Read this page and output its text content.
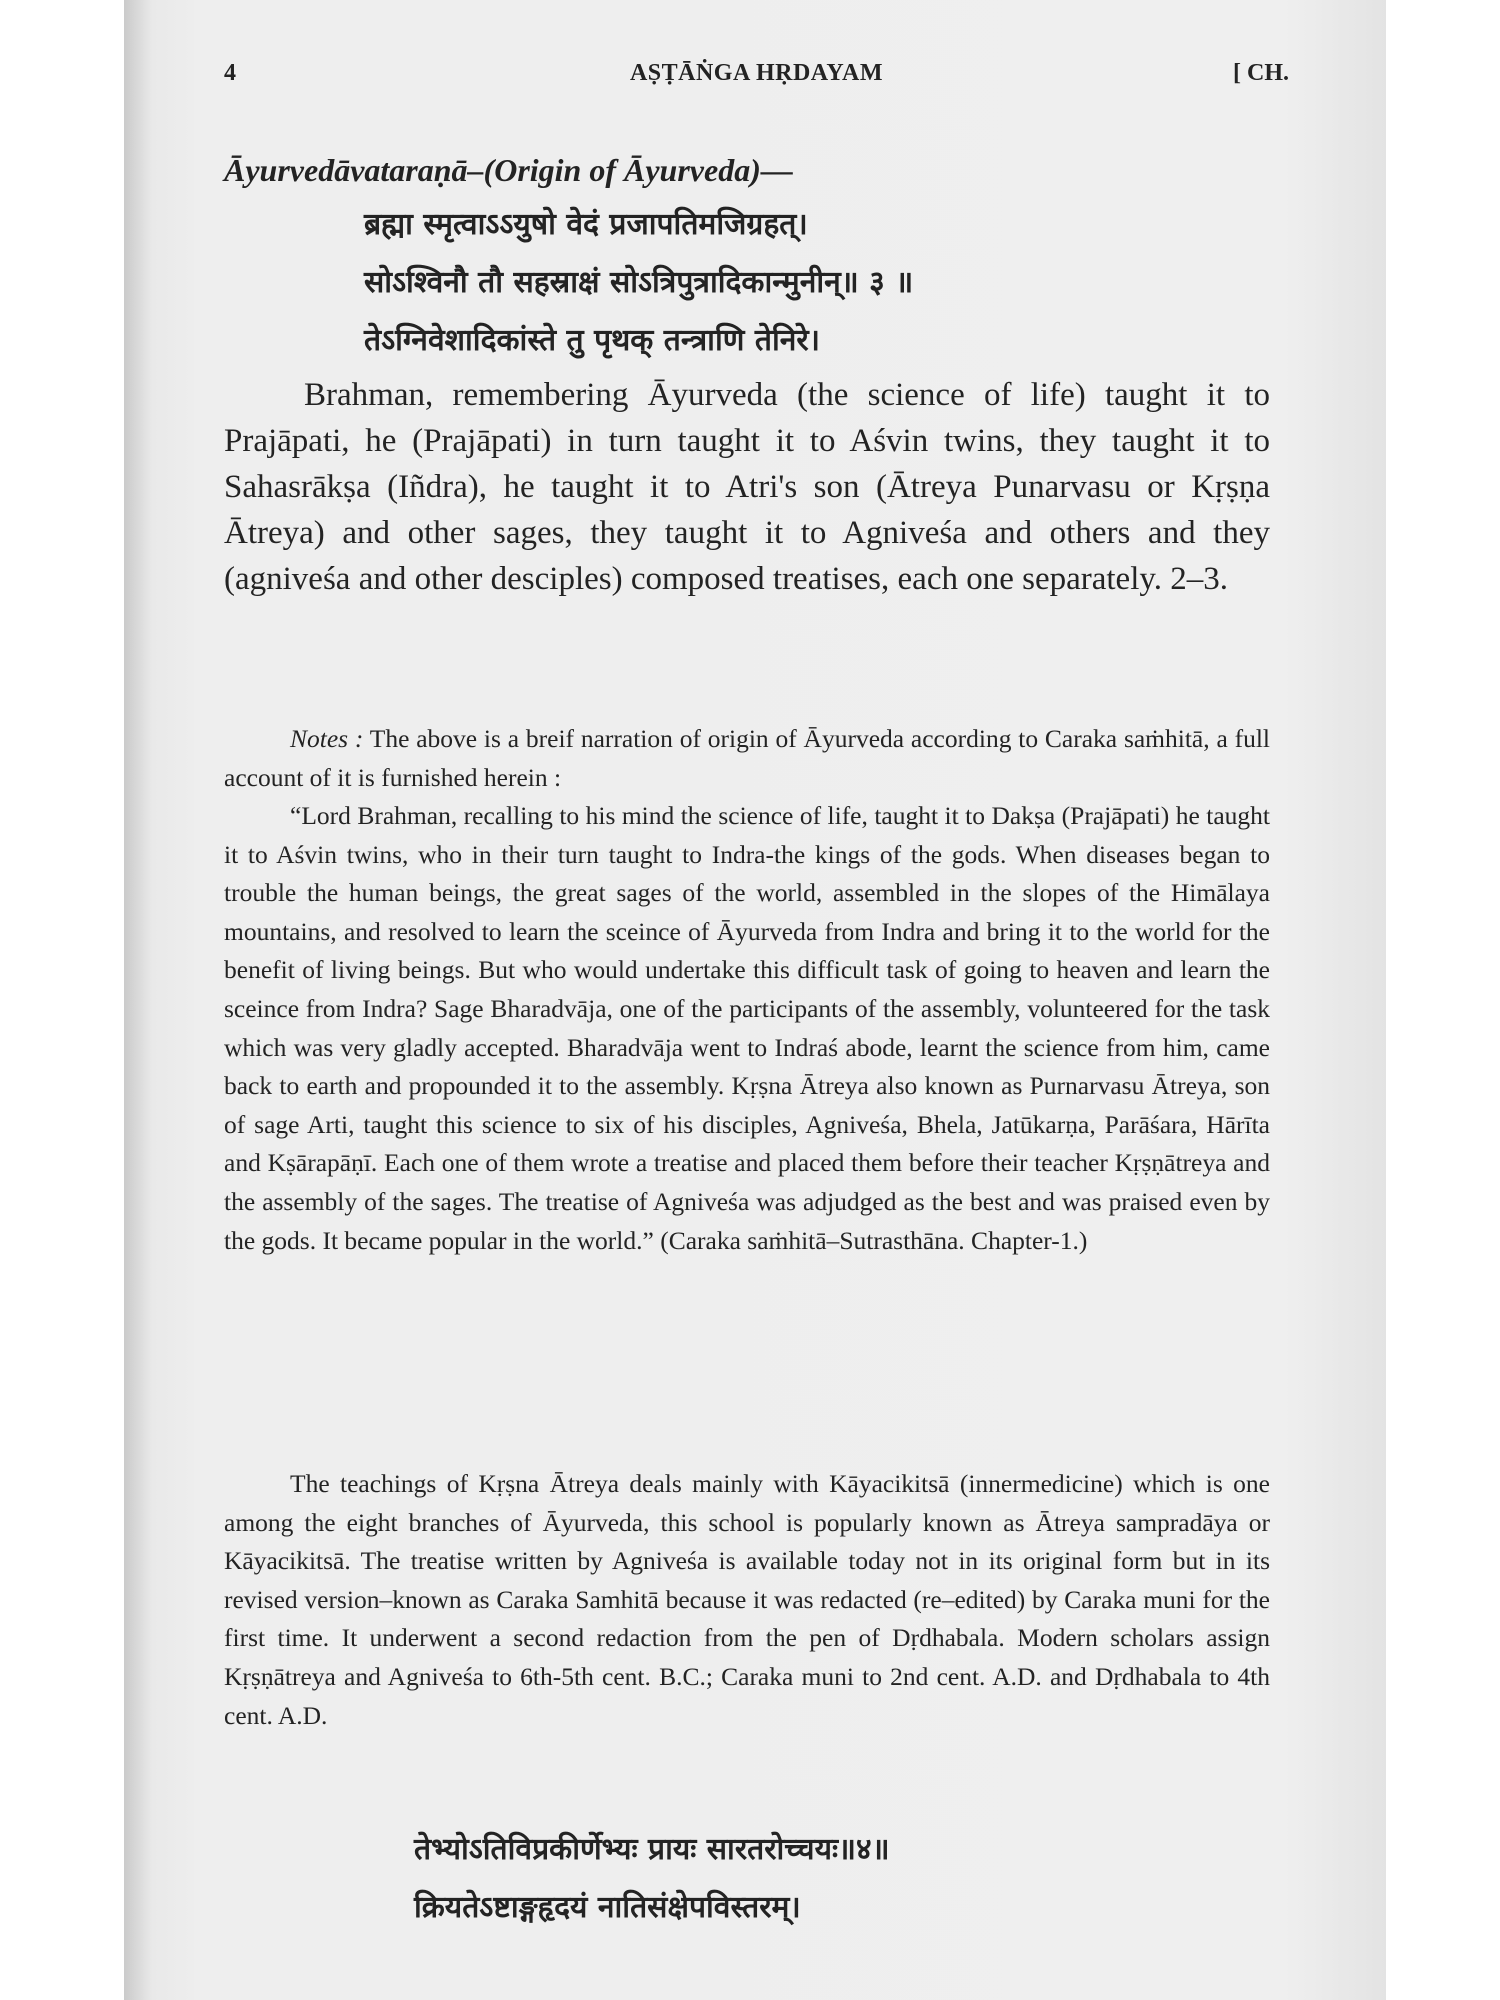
AṢṬĀṄGA HṚDAYAM
4	[ CH.
Āyurvedāvataraṇā–(Origin of Āyurveda)—
ब्रह्मा स्मृत्वाऽऽयुषो वेदं प्रजापतिमजिग्रहत्।
सोऽश्विनौ तौ सहस्राक्षं सोऽत्रिपुत्रादिकान्मुनीन्॥ ३ ॥
तेऽग्निवेशादिकांस्ते तु पृथक् तन्त्राणि तेनिरे।

Brahman, remembering Āyurveda (the science of life) taught it to Prajāpati, he (Prajāpati) in turn taught it to Aśvin twins, they taught it to Sahasrākṣa (Iñdra), he taught it to Atri's son (Ātreya Punarvasu or Kṛṣṇa Ātreya) and other sages, they taught it to Agniveśa and others and they (agniveśa and other desciples) composed treatises, each one separately. 2–3.

Notes : The above is a breif narration of origin of Āyurveda according to Caraka saṁhitā, a full account of it is furnished herein :

“Lord Brahman, recalling to his mind the science of life, taught it to Dakṣa (Prajāpati) he taught it to Aśvin twins, who in their turn taught to Indra-the kings of the gods. When diseases began to trouble the human beings, the great sages of the world, assembled in the slopes of the Himālaya mountains, and resolved to learn the sceince of Āyurveda from Indra and bring it to the world for the benefit of living beings. But who would undertake this difficult task of going to heaven and learn the sceince from Indra? Sage Bharadvāja, one of the participants of the assembly, volunteered for the task which was very gladly accepted. Bharadvāja went to Indraś abode, learnt the science from him, came back to earth and propounded it to the assembly. Kṛṣna Ātreya also known as Purnarvasu Ātreya, son of sage Arti, taught this science to six of his disciples, Agniveśa, Bhela, Jatūkarṇa, Parāśara, Hārīta and Kṣārapāṇī. Each one of them wrote a treatise and placed them before their teacher Kṛṣṇātreya and the assembly of the sages. The treatise of Agniveśa was adjudged as the best and was praised even by the gods. It became popular in the world.” (Caraka saṁhitā–Sutrasthāna. Chapter-1.)

The teachings of Kṛṣna Ātreya deals mainly with Kāyacikitsā (innermedicine) which is one among the eight branches of Āyurveda, this school is popularly known as Ātreya sampradāya or Kāyacikitsā. The treatise written by Agniveśa is available today not in its original form but in its revised version–known as Caraka Samhitā because it was redacted (re–edited) by Caraka muni for the first time. It underwent a second redaction from the pen of Dṛdhabala. Modern scholars assign Kṛṣṇātreya and Agniveśa to 6th-5th cent. B.C.; Caraka muni to 2nd cent. A.D. and Dṛdhabala to 4th cent. A.D.

तेभ्योऽतिविप्रकीर्णेभ्यः प्रायः सारतरोच्चयः॥४॥
क्रियतेऽष्टाङ्गहृदयं नातिसंक्षेपविस्तरम्।
